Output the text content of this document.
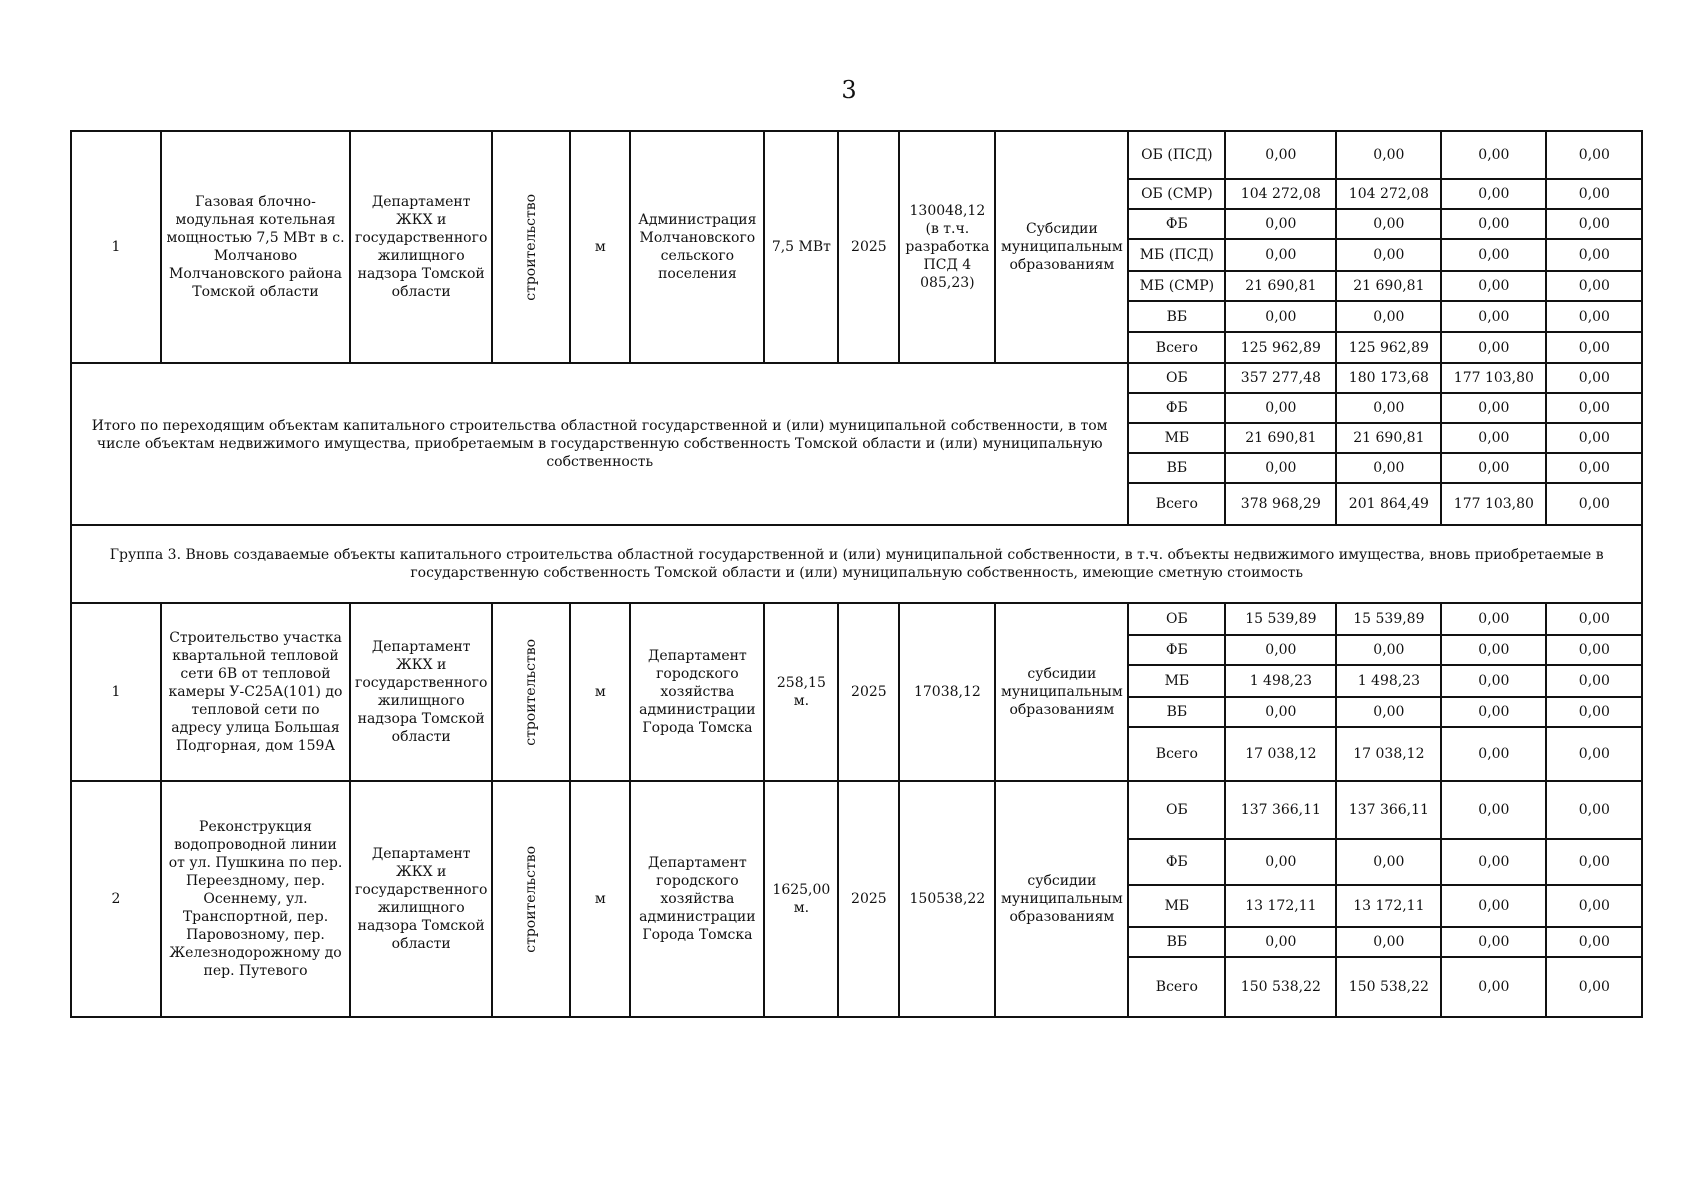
3
1	Газовая блочно-модульная котельная мощностью 7,5 МВт в с. Молчаново Молчановского района Томской области	Департамент ЖКХ и государственного жилищного надзора Томской области	строительство	м	Администрация Молчановского сельского поселения	7,5 МВт	2025	130048,12 (в т.ч. разработка ПСД 4 085,23)	Субсидии муниципальным образованиям	ОБ (ПСД)	0,00	0,00	0,00	0,00
										ОБ (СМР)	104 272,08	104 272,08	0,00	0,00
										ФБ	0,00	0,00	0,00	0,00
										МБ (ПСД)	0,00	0,00	0,00	0,00
										МБ (СМР)	21 690,81	21 690,81	0,00	0,00
										ВБ	0,00	0,00	0,00	0,00
										Всего	125 962,89	125 962,89	0,00	0,00
Итого по переходящим объектам капитального строительства областной государственной и (или) муниципальной собственности, в том числе объектам недвижимого имущества, приобретаемым в государственную собственность Томской области и (или) муниципальную собственность										ОБ	357 277,48	180 173,68	177 103,80	0,00
										ФБ	0,00	0,00	0,00	0,00
										МБ	21 690,81	21 690,81	0,00	0,00
										ВБ	0,00	0,00	0,00	0,00
										Всего	378 968,29	201 864,49	177 103,80	0,00
Группа 3. Вновь создаваемые объекты капитального строительства областной государственной и (или) муниципальной собственности, в т.ч. объекты недвижимого имущества, вновь приобретаемые в государственную собственность Томской области и (или) муниципальную собственность, имеющие сметную стоимость														
1	Строительство участка квартальной тепловой сети 6В от тепловой камеры У-С25А(101) до тепловой сети по адресу улица Большая Подгорная, дом 159А	Департамент ЖКХ и государственного жилищного надзора Томской области	строительство	м	Департамент городского хозяйства администрации Города Томска	258,15 м.	2025	17038,12	субсидии муниципальным образованиям	ОБ	15 539,89	15 539,89	0,00	0,00
										ФБ	0,00	0,00	0,00	0,00
										МБ	1 498,23	1 498,23	0,00	0,00
										ВБ	0,00	0,00	0,00	0,00
										Всего	17 038,12	17 038,12	0,00	0,00
2	Реконструкция водопроводной линии от ул. Пушкина по пер. Переездному, пер. Осеннему, ул. Транспортной, пер. Паровозному, пер. Железнодорожному до пер. Путевого	Департамент ЖКХ и государственного жилищного надзора Томской области	строительство	м	Департамент городского хозяйства администрации Города Томска	1625,00 м.	2025	150538,22	субсидии муниципальным образованиям	ОБ	137 366,11	137 366,11	0,00	0,00
										ФБ	0,00	0,00	0,00	0,00
										МБ	13 172,11	13 172,11	0,00	0,00
										ВБ	0,00	0,00	0,00	0,00
										Всего	150 538,22	150 538,22	0,00	0,00
